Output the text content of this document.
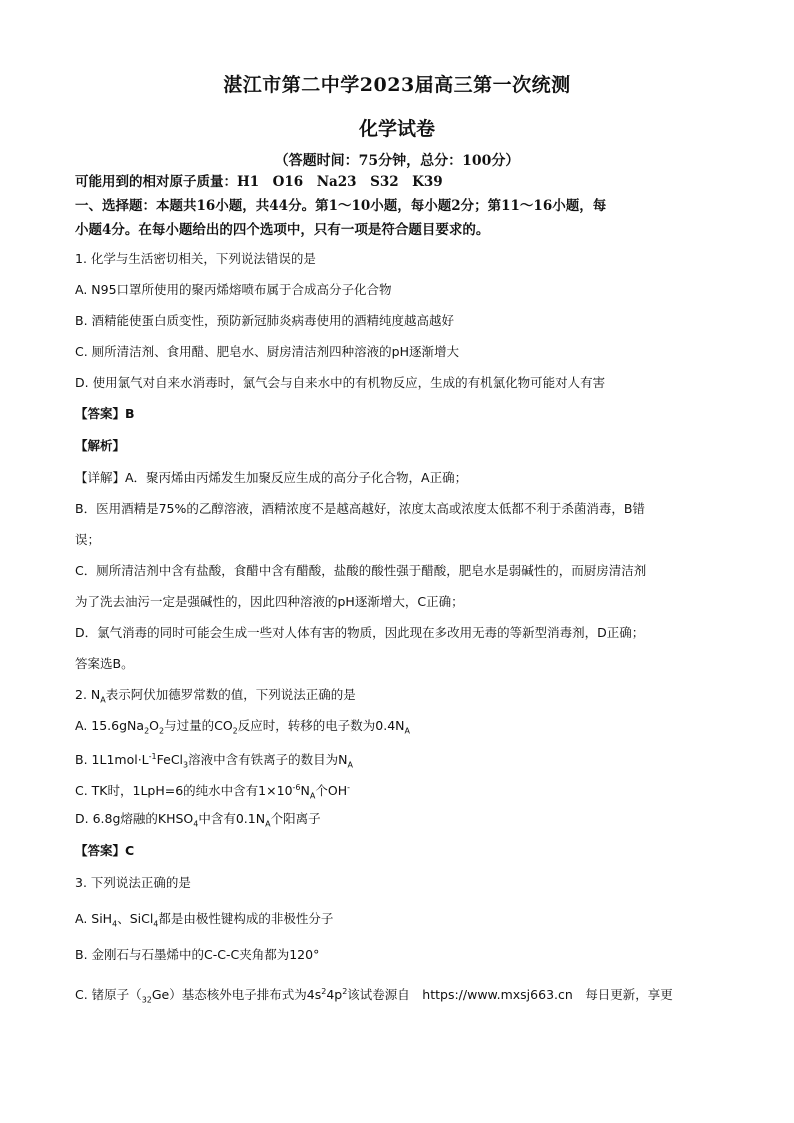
湛江市第二中学2023届高三第一次统测
化学试卷
（答题时间：75分钟，总分：100分）
可能用到的相对原子质量：H1　O16　Na23　S32　K39
一、选择题：本题共16小题，共44分。第1～10小题，每小题2分；第11～16小题，每
小题4分。在每小题给出的四个选项中，只有一项是符合题目要求的。
1. 化学与生活密切相关，下列说法错误的是
A. N95口罩所使用的聚丙烯熔喷布属于合成高分子化合物
B. 酒精能使蛋白质变性，预防新冠肺炎病毒使用的酒精纯度越高越好
C. 厕所清洁剂、食用醋、肥皂水、厨房清洁剂四种溶液的pH逐渐增大
D. 使用氯气对自来水消毒时，氯气会与自来水中的有机物反应，生成的有机氯化物可能对人有害
【答案】B
【解析】
【详解】A．聚丙烯由丙烯发生加聚反应生成的高分子化合物，A正确；
B．医用酒精是75%的乙醇溶液，酒精浓度不是越高越好，浓度太高或浓度太低都不利于杀菌消毒，B错
误；
C．厕所清洁剂中含有盐酸，食醋中含有醋酸，盐酸的酸性强于醋酸，肥皂水是弱碱性的，而厨房清洁剂
为了洗去油污一定是强碱性的，因此四种溶液的pH逐渐增大，C正确；
D．氯气消毒的同时可能会生成一些对人体有害的物质，因此现在多改用无毒的等新型消毒剂，D正确；
答案选B。
2. $N_A$表示阿伏加德罗常数的值，下列说法正确的是
A. $15.6gNa_2O_2$与过量的$CO_2$反应时，转移的电子数为$0.4N_A$
B. $1L1mol\cdot L^{-1}FeCl_3$溶液中含有铁离子的数目为$N_A$
C. TK时，1LpH=6的纯水中含有$1\times 10^{-6}N_A$个OH-
D. 6.8g熔融的$KHSO_4$中含有$0.1N_A$个阳离子
【答案】C
3. 下列说法正确的是
A. SiH$_4$、SiCl$_4$都是由极性键构成的非极性分子
B. 金刚石与石墨烯中的C-C-C夹角都为120°
C. 锗原子$(_{32}Ge)$基态核外电子排布式为$4s^24p^2$该试卷源自　https://www.mxsj663.cn　每日更新，享更
